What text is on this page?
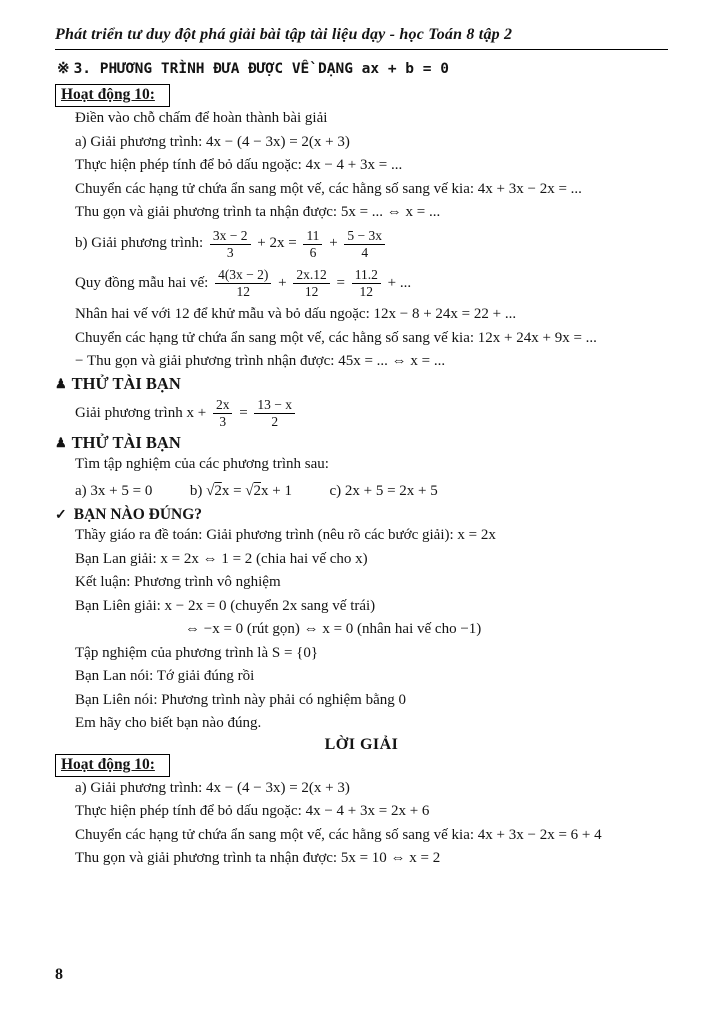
Phát triển tư duy đột phá giải bài tập tài liệu dạy - học Toán 8 tập 2
※ 3. PHƯƠNG TRÌNH ĐƯA ĐƯỢC VỀ DẠNG ax + b = 0
Hoạt động 10:

Điền vào chỗ chấm để hoàn thành bài giải

a) Giải phương trình: 4x − (4 − 3x) = 2(x + 3)

Thực hiện phép tính để bỏ dấu ngoặc: 4x − 4 + 3x = ...

Chuyển các hạng tử chứa ẩn sang một vế, các hằng số sang vế kia: 4x + 3x − 2x = ...

Thu gọn và giải phương trình ta nhận được: 5x = ... ⇔ x = ...

b) Giải phương trình: $\frac{3x - 2}{3} + 2x = \frac{11}{6} + \frac{5 - 3x}{4}$

Quy đồng mẫu hai vế: $\frac{4(3x - 2)}{12} + \frac{2x.12}{12} = \frac{11.2}{12}$ + ...

Nhân hai vế với 12 để khử mẫu và bỏ dấu ngoặc: 12x − 8 + 24x = 22 + ...

Chuyển các hạng tử chứa ẩn sang một vế, các hằng số sang vế kia: 12x + 24x + 9x = ...

− Thu gọn và giải phương trình nhận được: 45x = ... ⇔ x = ...

♟ THỬ TÀI BẠN

Giải phương trình $x + \frac{2x}{3} = \frac{13 - x}{2}$

♟ THỬ TÀI BẠN

Tìm tập nghiệm của các phương trình sau:

a) 3x + 5 = 0   b) √2 x = √2 x + 1   c) 2x + 5 = 2x + 5

✓ BẠN NÀO ĐÚNG?

Thầy giáo ra đề toán: Giải phương trình (nêu rõ các bước giải): x = 2x

Bạn Lan giải: x = 2x ⇔ 1 = 2 (chia hai vế cho x)

Kết luận: Phương trình vô nghiệm

Bạn Liên giải: x − 2x = 0 (chuyển 2x sang vế trái)

⇔ −x = 0 (rút gọn) ⇔ x = 0 (nhân hai vế cho −1)

Tập nghiệm của phương trình là S = {0}

Bạn Lan nói: Tớ giải đúng rồi

Bạn Liên nói: Phương trình này phải có nghiệm bằng 0

Em hãy cho biết bạn nào đúng.

LỜI GIẢI
Hoạt động 10:

a) Giải phương trình: 4x − (4 − 3x) = 2(x + 3)

Thực hiện phép tính để bỏ dấu ngoặc: 4x − 4 + 3x = 2x + 6

Chuyển các hạng tử chứa ẩn sang một vế, các hằng số sang vế kia: 4x + 3x − 2x = 6 + 4

Thu gọn và giải phương trình ta nhận được: 5x = 10 ⇔ x = 2

8
